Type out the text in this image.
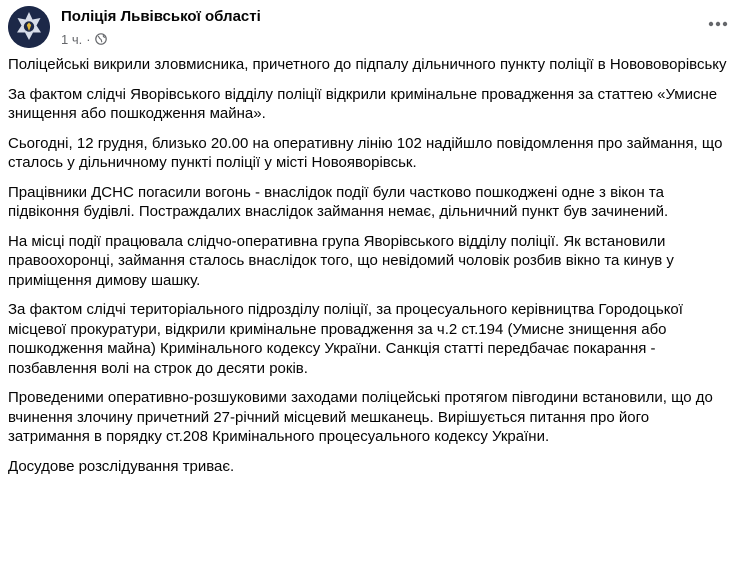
Поліція Львівської області
1 ч. ·

Поліцейські викрили зловмисника, причетного до підпалу дільничного пункту поліції в Новововорівську

За фактом слідчі Яворівського відділу поліції відкрили кримінальне провадження за статтею «Умисне знищення або пошкодження майна».

Сьогодні, 12 грудня, близько 20.00 на оперативну лінію 102 надійшло повідомлення про займання, що сталось у дільничному пункті поліції у місті Новояворівськ.

Працівники ДСНС погасили вогонь - внаслідок події були частково пошкоджені одне з вікон та підвіконня будівлі. Постраждалих внаслідок займання немає, дільничний пункт був зачинений.

На місці події працювала слідчо-оперативна група Яворівського відділу поліції. Як встановили правоохоронці, займання сталось внаслідок того, що невідомий чоловік розбив вікно та кинув у приміщення димову шашку.

За фактом слідчі територіального підрозділу поліції, за процесуального керівництва Городоцької місцевої прокуратури, відкрили кримінальне провадження за ч.2 ст.194 (Умисне знищення або пошкодження майна) Кримінального кодексу України. Санкція статті передбачає покарання - позбавлення волі на строк до десяти років.

Проведеними оперативно-розшуковими заходами поліцейські протягом півгодини встановили, що до вчинення злочину причетний 27-річний місцевий мешканець. Вирішується питання про його затримання в порядку ст.208 Кримінального процесуального кодексу України.

Досудове розслідування триває.
